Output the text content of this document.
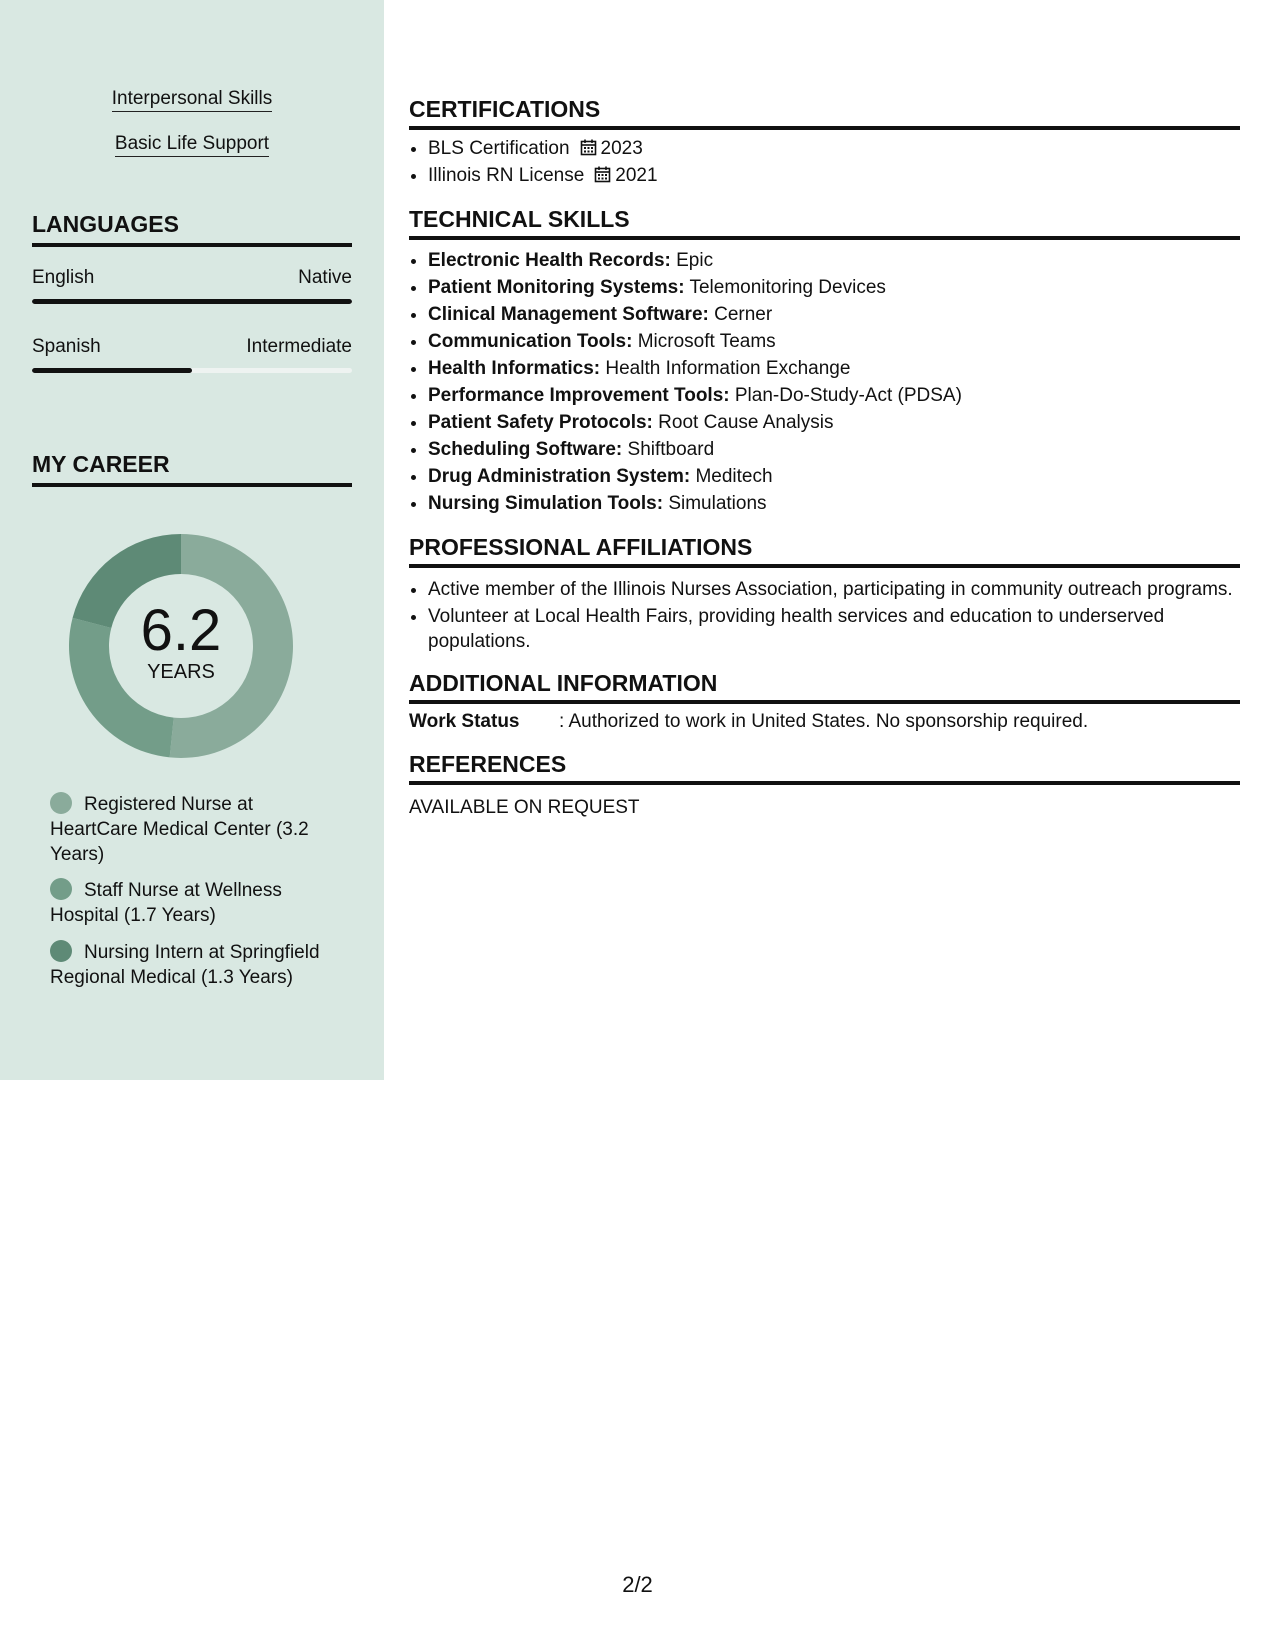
Interpersonal Skills
Basic Life Support
LANGUAGES
English	Native
Spanish	Intermediate
MY CAREER
6.2
YEARS
Registered Nurse at HeartCare Medical Center (3.2 Years)
Staff Nurse at Wellness Hospital (1.7 Years)
Nursing Intern at Springfield Regional Medical (1.3 Years)
CERTIFICATIONS
• BLS Certification 2023
• Illinois RN License 2021
TECHNICAL SKILLS
• Electronic Health Records: Epic
• Patient Monitoring Systems: Telemonitoring Devices
• Clinical Management Software: Cerner
• Communication Tools: Microsoft Teams
• Health Informatics: Health Information Exchange
• Performance Improvement Tools: Plan-Do-Study-Act (PDSA)
• Patient Safety Protocols: Root Cause Analysis
• Scheduling Software: Shiftboard
• Drug Administration System: Meditech
• Nursing Simulation Tools: Simulations
PROFESSIONAL AFFILIATIONS
• Active member of the Illinois Nurses Association, participating in community outreach programs.
• Volunteer at Local Health Fairs, providing health services and education to underserved populations.
ADDITIONAL INFORMATION
Work Status : Authorized to work in United States. No sponsorship required.
REFERENCES
AVAILABLE ON REQUEST
2/2
